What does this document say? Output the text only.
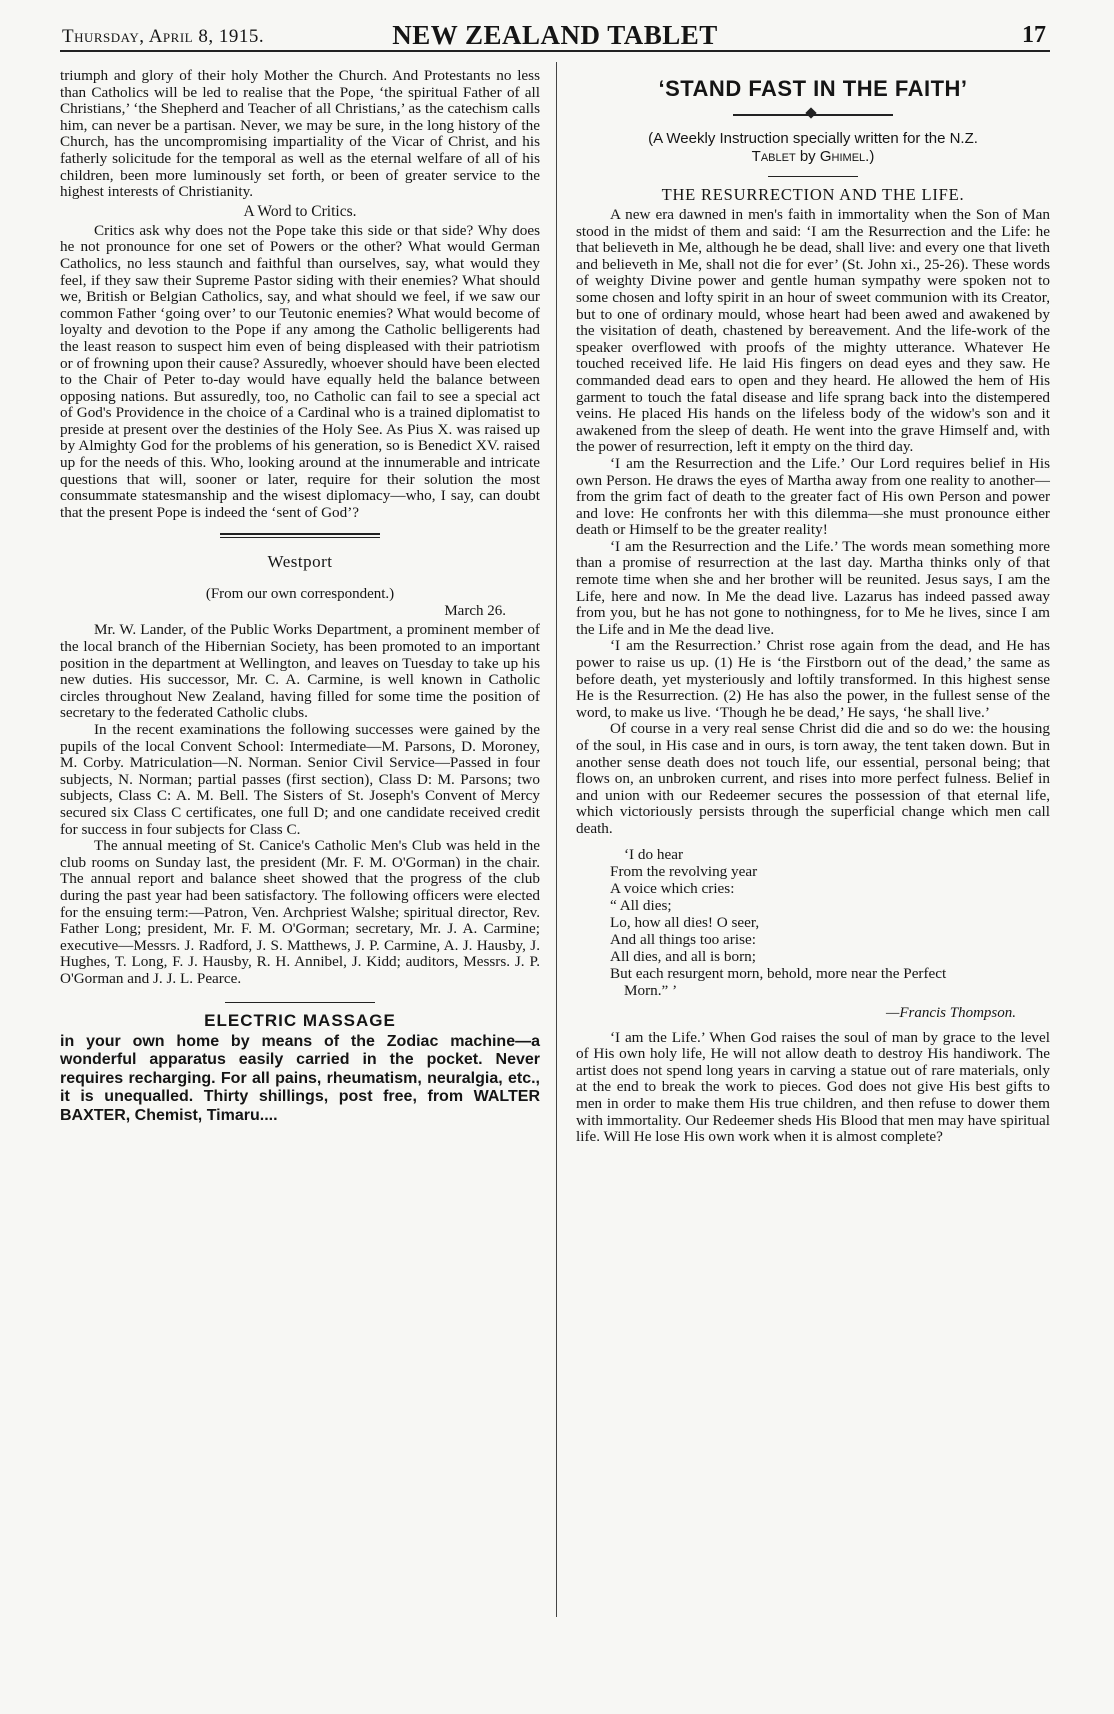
Thursday, April 8, 1915.	NEW ZEALAND TABLET	17

triumph and glory of their holy Mother the Church. And Protestants no less than Catholics will be led to realise that the Pope, ‘the spiritual Father of all Christians,’ ‘the Shepherd and Teacher of all Christians,’ as the catechism calls him, can never be a partisan. Never, we may be sure, in the long history of the Church, has the uncompromising impartiality of the Vicar of Christ, and his fatherly solicitude for the temporal as well as the eternal welfare of all of his children, been more luminously set forth, or been of greater service to the highest interests of Christianity.

A Word to Critics.

Critics ask why does not the Pope take this side or that side? Why does he not pronounce for one set of Powers or the other? What would German Catholics, no less staunch and faithful than ourselves, say, what would they feel, if they saw their Supreme Pastor siding with their enemies? What should we, British or Belgian Catholics, say, and what should we feel, if we saw our common Father ‘going over’ to our Teutonic enemies? What would become of loyalty and devotion to the Pope if any among the Catholic belligerents had the least reason to suspect him even of being displeased with their patriotism or of frowning upon their cause? Assuredly, whoever should have been elected to the Chair of Peter to-day would have equally held the balance between opposing nations. But assuredly, too, no Catholic can fail to see a special act of God's Providence in the choice of a Cardinal who is a trained diplomatist to preside at present over the destinies of the Holy See. As Pius X. was raised up by Almighty God for the problems of his generation, so is Benedict XV. raised up for the needs of this. Who, looking around at the innumerable and intricate questions that will, sooner or later, require for their solution the most consummate statesmanship and the wisest diplomacy—who, I say, can doubt that the present Pope is indeed the ‘sent of God’?

Westport
(From our own correspondent.)
March 26.

Mr. W. Lander, of the Public Works Department, a prominent member of the local branch of the Hibernian Society, has been promoted to an important position in the department at Wellington, and leaves on Tuesday to take up his new duties. His successor, Mr. C. A. Carmine, is well known in Catholic circles throughout New Zealand, having filled for some time the position of secretary to the federated Catholic clubs.

In the recent examinations the following successes were gained by the pupils of the local Convent School: Intermediate—M. Parsons, D. Moroney, M. Corby. Matriculation—N. Norman. Senior Civil Service—Passed in four subjects, N. Norman; partial passes (first section), Class D: M. Parsons; two subjects, Class C: A. M. Bell. The Sisters of St. Joseph's Convent of Mercy secured six Class C certificates, one full D; and one candidate received credit for success in four subjects for Class C.

The annual meeting of St. Canice's Catholic Men's Club was held in the club rooms on Sunday last, the president (Mr. F. M. O'Gorman) in the chair. The annual report and balance sheet showed that the progress of the club during the past year had been satisfactory. The following officers were elected for the ensuing term:—Patron, Ven. Archpriest Walshe; spiritual director, Rev. Father Long; president, Mr. F. M. O'Gorman; secretary, Mr. J. A. Carmine; executive—Messrs. J. Radford, J. S. Matthews, J. P. Carmine, A. J. Hausby, J. Hughes, T. Long, F. J. Hausby, R. H. Annibel, J. Kidd; auditors, Messrs. J. P. O'Gorman and J. J. L. Pearce.

ELECTRIC MASSAGE

in your own home by means of the Zodiac machine—a wonderful apparatus easily carried in the pocket. Never requires recharging. For all pains, rheumatism, neuralgia, etc., it is unequalled. Thirty shillings, post free, from WALTER BAXTER, Chemist, Timaru....

‘STAND FAST IN THE FAITH’
(A Weekly Instruction specially written for the N.Z.
Tablet by Ghimel.)
THE RESURRECTION AND THE LIFE.

A new era dawned in men's faith in immortality when the Son of Man stood in the midst of them and said: ‘I am the Resurrection and the Life: he that believeth in Me, although he be dead, shall live: and every one that liveth and believeth in Me, shall not die for ever’ (St. John xi., 25-26). These words of weighty Divine power and gentle human sympathy were spoken not to some chosen and lofty spirit in an hour of sweet communion with its Creator, but to one of ordinary mould, whose heart had been awed and awakened by the visitation of death, chastened by bereavement. And the life-work of the speaker overflowed with proofs of the mighty utterance. Whatever He touched received life. He laid His fingers on dead eyes and they saw. He commanded dead ears to open and they heard. He allowed the hem of His garment to touch the fatal disease and life sprang back into the distempered veins. He placed His hands on the lifeless body of the widow's son and it awakened from the sleep of death. He went into the grave Himself and, with the power of resurrection, left it empty on the third day.

‘I am the Resurrection and the Life.’ Our Lord requires belief in His own Person. He draws the eyes of Martha away from one reality to another—from the grim fact of death to the greater fact of His own Person and power and love: He confronts her with this dilemma—she must pronounce either death or Himself to be the greater reality!

‘I am the Resurrection and the Life.’ The words mean something more than a promise of resurrection at the last day. Martha thinks only of that remote time when she and her brother will be reunited. Jesus says, I am the Life, here and now. In Me the dead live. Lazarus has indeed passed away from you, but he has not gone to nothingness, for to Me he lives, since I am the Life and in Me the dead live.

‘I am the Resurrection.’ Christ rose again from the dead, and He has power to raise us up. (1) He is ‘the Firstborn out of the dead,’ the same as before death, yet mysteriously and loftily transformed. In this highest sense He is the Resurrection. (2) He has also the power, in the fullest sense of the word, to make us live. ‘Though he be dead,’ He says, ‘he shall live.’

Of course in a very real sense Christ did die and so do we: the housing of the soul, in His case and in ours, is torn away, the tent taken down. But in another sense death does not touch life, our essential, personal being; that flows on, an unbroken current, and rises into more perfect fulness. Belief in and union with our Redeemer secures the possession of that eternal life, which victoriously persists through the superficial change which men call death.

‘I do hear
From the revolving year
A voice which cries:
“ All dies;
Lo, how all dies! O seer,
And all things too arise:
All dies, and all is born;
But each resurgent morn, behold, more near the Perfect
Morn.” ’
—Francis Thompson.

‘I am the Life.’ When God raises the soul of man by grace to the level of His own holy life, He will not allow death to destroy His handiwork. The artist does not spend long years in carving a statue out of rare materials, only at the end to break the work to pieces. God does not give His best gifts to men in order to make them His true children, and then refuse to dower them with immortality. Our Redeemer sheds His Blood that men may have spiritual life. Will He lose His own work when it is almost complete?
